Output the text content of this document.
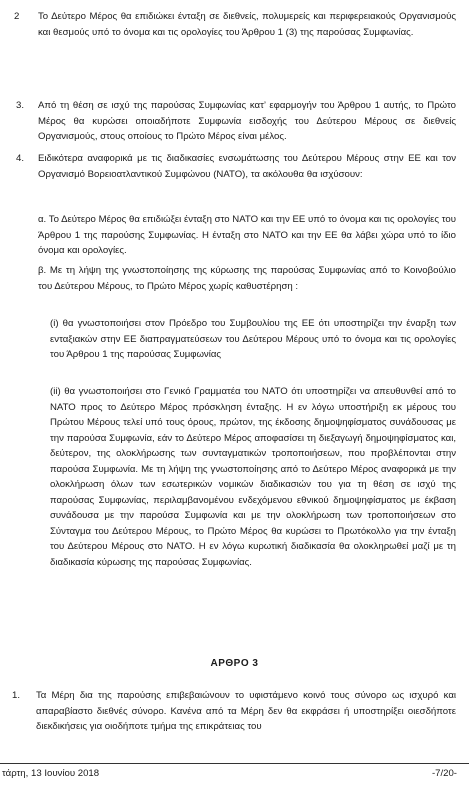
2 Το Δεύτερο Μέρος θα επιδιώκει ένταξη σε διεθνείς, πολυμερείς και περιφερειακούς Οργανισμούς και θεσμούς υπό το όνομα και τις ορολογίες του Άρθρου 1 (3) της παρούσας Συμφωνίας.

3. Από τη θέση σε ισχύ της παρούσας Συμφωνίας κατ’ εφαρμογήν του Άρθρου 1 αυτής, το Πρώτο Μέρος θα κυρώσει οποιαδήποτε Συμφωνία εισδοχής του Δεύτερου Μέρους σε διεθνείς Οργανισμούς, στους οποίους το Πρώτο Μέρος είναι μέλος.

4. Ειδικότερα αναφορικά με τις διαδικασίες ενσωμάτωσης του Δεύτερου Μέρους στην ΕΕ και τον Οργανισμό Βορειοατλαντικού Συμφώνου (ΝΑΤΟ), τα ακόλουθα θα ισχύσουν:

α. Το Δεύτερο Μέρος θα επιδιώξει ένταξη στο ΝΑΤΟ και την ΕΕ υπό το όνομα και τις ορολογίες του Άρθρου 1 της παρούσης Συμφωνίας. Η ένταξη στο ΝΑΤΟ και την ΕΕ θα λάβει χώρα υπό το ίδιο όνομα και ορολογίες.

β. Με τη λήψη της γνωστοποίησης της κύρωσης της παρούσας Συμφωνίας από το Κοινοβούλιο του Δεύτερου Μέρους, το Πρώτο Μέρος χωρίς καθυστέρηση :

(i) θα γνωστοποιήσει στον Πρόεδρο του Συμβουλίου της ΕΕ ότι υποστηρίζει την έναρξη των ενταξιακών στην ΕΕ διαπραγματεύσεων του Δεύτερου Μέρους υπό το όνομα και τις ορολογίες του Άρθρου 1 της παρούσας Συμφωνίας

(ii) θα γνωστοποιήσει στο Γενικό Γραμματέα του ΝΑΤΟ ότι υποστηρίζει να απευθυνθεί από το ΝΑΤΟ προς το Δεύτερο Μέρος πρόσκληση ένταξης. Η εν λόγω υποστήριξη εκ μέρους του Πρώτου Μέρους τελεί υπό τους όρους, πρώτον, της έκδοσης δημοψηφίσματος συνάδουσας με την παρούσα Συμφωνία, εάν το Δεύτερο Μέρος αποφασίσει τη διεξαγωγή δημοψηφίσματος και, δεύτερον, της ολοκλήρωσης των συνταγματικών τροποποιήσεων, που προβλέπονται στην παρούσα Συμφωνία. Με τη λήψη της γνωστοποίησης από το Δεύτερο Μέρος αναφορικά με την ολοκλήρωση όλων των εσωτερικών νομικών διαδικασιών του για τη θέση σε ισχύ της παρούσας Συμφωνίας, περιλαμβανομένου ενδεχόμενου εθνικού δημοψηφίσματος με έκβαση συνάδουσα με την παρούσα Συμφωνία και με την ολοκλήρωση των τροποποιήσεων στο Σύνταγμα του Δεύτερου Μέρους, το Πρώτο Μέρος θα κυρώσει το Πρωτόκολλο για την ένταξη του Δεύτερου Μέρους στο ΝΑΤΟ. Η εν λόγω κυρωτική διαδικασία θα ολοκληρωθεί μαζί με τη διαδικασία κύρωσης της παρούσας Συμφωνίας.

ΑΡΘΡΟ 3
1. Τα Μέρη δια της παρούσης επιβεβαιώνουν το υφιστάμενο κοινό τους σύνορο ως ισχυρό και απαραβίαστο διεθνές σύνορο. Κανένα από τα Μέρη δεν θα εκφράσει ή υποστηρίξει οιεσδήποτε διεκδικήσεις για οιοδήποτε τμήμα της επικράτειας του

τάρτη, 13 Ιουνίου 2018	-7/20-
